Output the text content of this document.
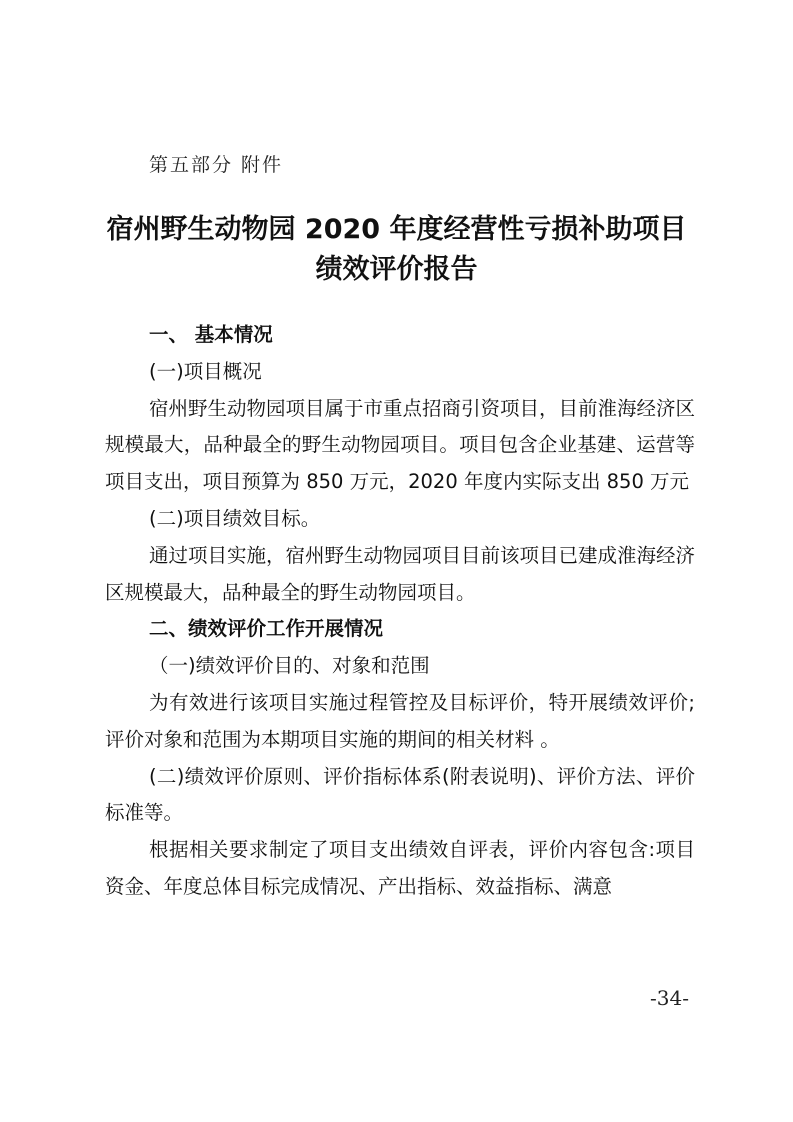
第五部分 附件
宿州野生动物园 2020 年度经营性亏损补助项目绩效评价报告

一、 基本情况

(一)项目概况

宿州野生动物园项目属于市重点招商引资项目，目前淮海经济区规模最大，品种最全的野生动物园项目。项目包含企业基建、运营等项目支出，项目预算为 850 万元，2020 年度内实际支出 850 万元

(二)项目绩效目标。

通过项目实施，宿州野生动物园项目目前该项目已建成淮海经济区规模最大，品种最全的野生动物园项目。

二、绩效评价工作开展情况

（一)绩效评价目的、对象和范围

为有效进行该项目实施过程管控及目标评价，特开展绩效评价;评价对象和范围为本期项目实施的期间的相关材料 。

(二)绩效评价原则、评价指标体系(附表说明)、评价方法、评价标准等。

根据相关要求制定了项目支出绩效自评表，评价内容包含:项目资金、年度总体目标完成情况、产出指标、效益指标、满意

-34-
